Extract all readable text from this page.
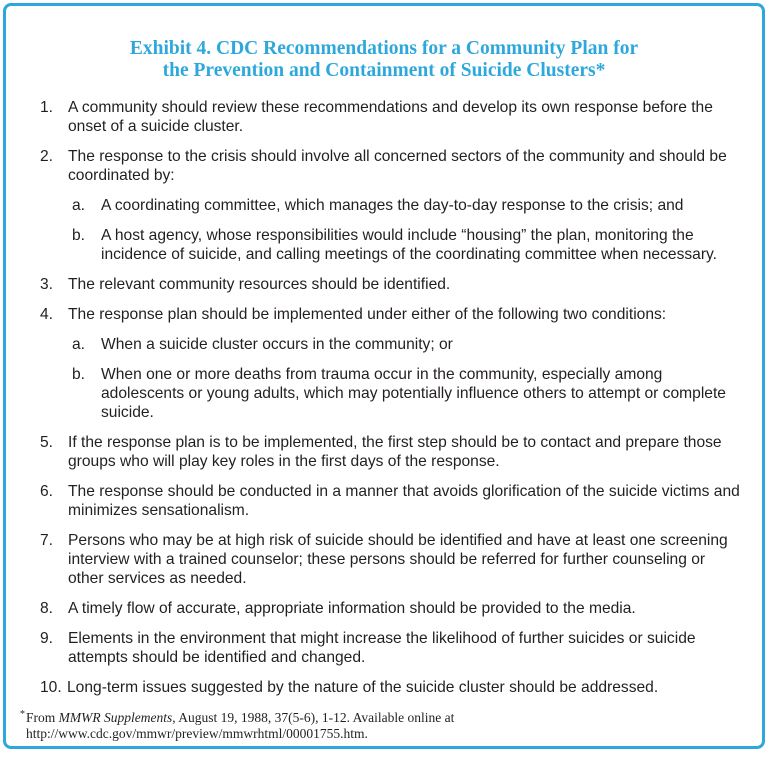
Exhibit 4. CDC Recommendations for a Community Plan for
the Prevention and Containment of Suicide Clusters*
1. A community should review these recommendations and develop its own response before the onset of a suicide cluster.
2. The response to the crisis should involve all concerned sectors of the community and should be coordinated by:
a. A coordinating committee, which manages the day-to-day response to the crisis; and
b. A host agency, whose responsibilities would include “housing” the plan, monitoring the incidence of suicide, and calling meetings of the coordinating committee when necessary.
3. The relevant community resources should be identified.
4. The response plan should be implemented under either of the following two conditions:
a. When a suicide cluster occurs in the community; or
b. When one or more deaths from trauma occur in the community, especially among adolescents or young adults, which may potentially influence others to attempt or complete suicide.
5. If the response plan is to be implemented, the first step should be to contact and prepare those groups who will play key roles in the first days of the response.
6. The response should be conducted in a manner that avoids glorification of the suicide victims and minimizes sensationalism.
7. Persons who may be at high risk of suicide should be identified and have at least one screening interview with a trained counselor; these persons should be referred for further counseling or other services as needed.
8. A timely flow of accurate, appropriate information should be provided to the media.
9. Elements in the environment that might increase the likelihood of further suicides or suicide attempts should be identified and changed.
10. Long-term issues suggested by the nature of the suicide cluster should be addressed.
* From MMWR Supplements, August 19, 1988, 37(5-6), 1-12. Available online at
http://www.cdc.gov/mmwr/preview/mmwrhtml/00001755.htm.
